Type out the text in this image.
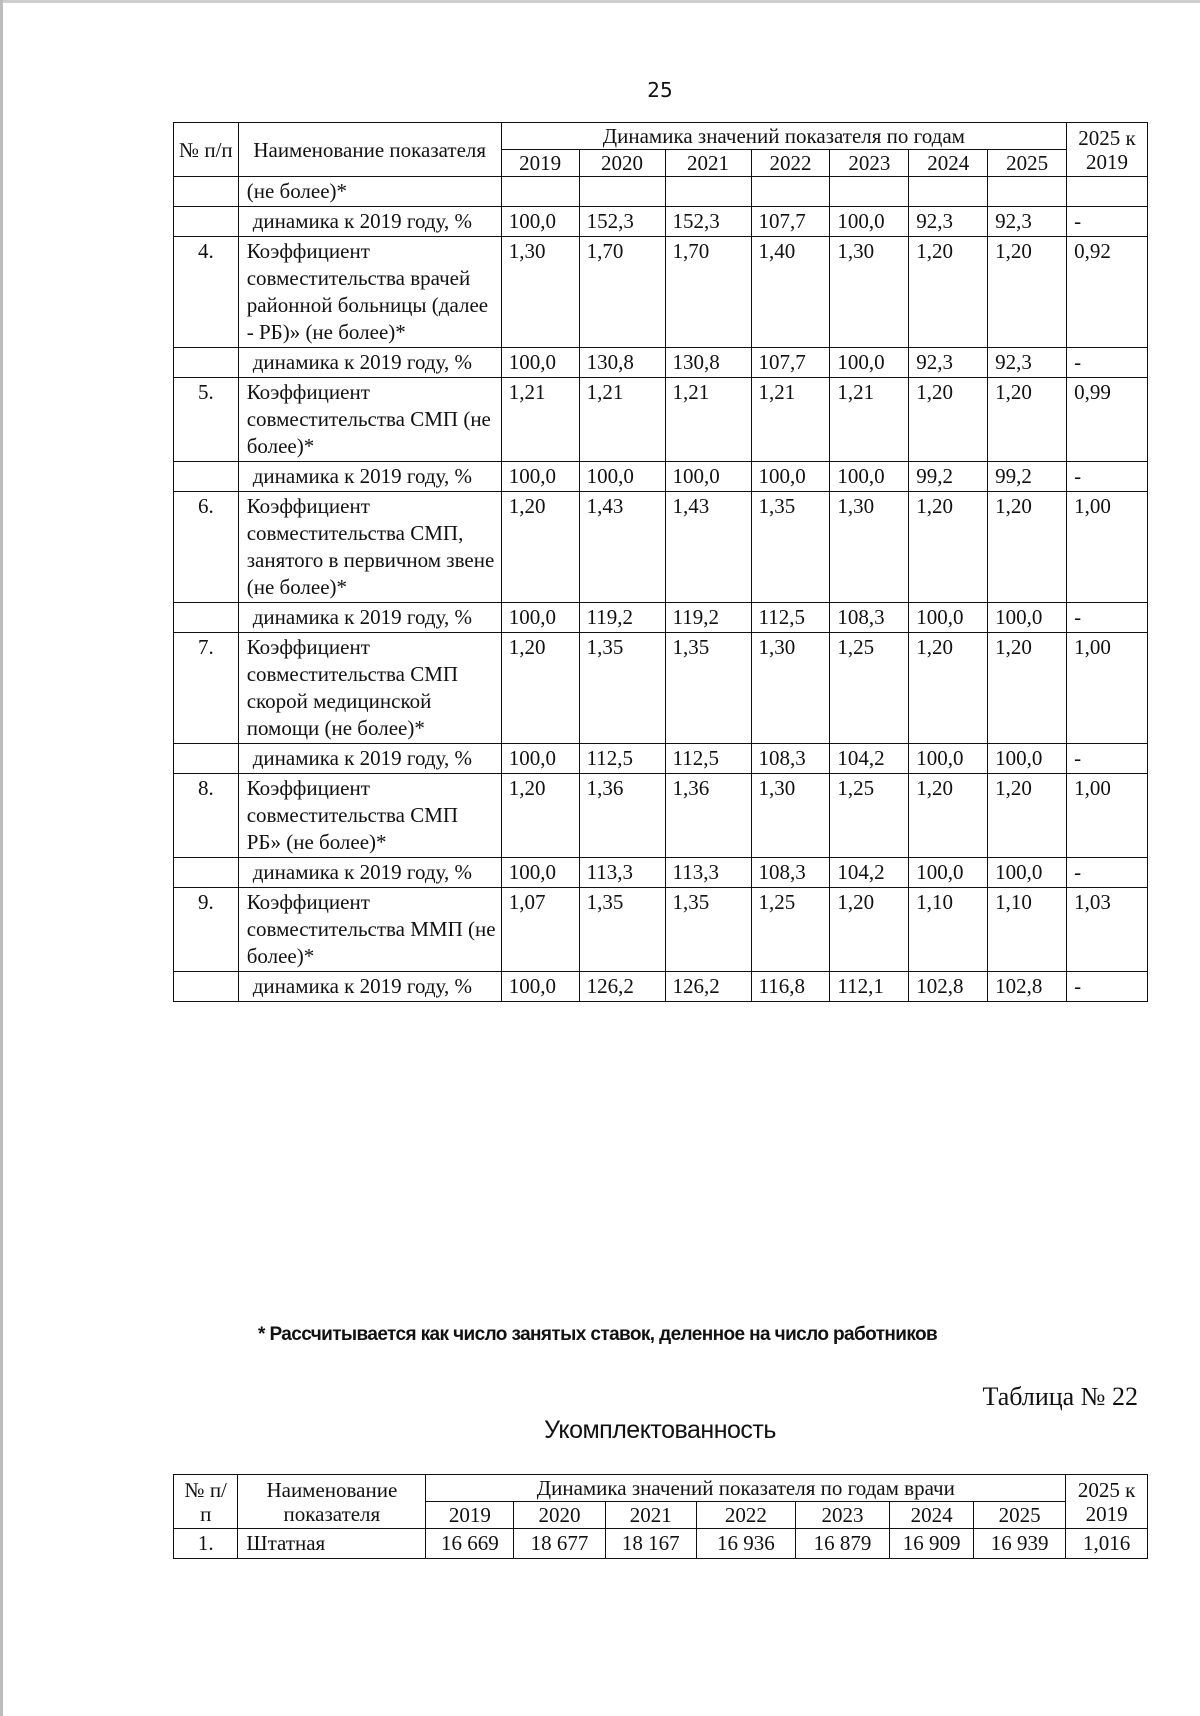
25
№ п/п	Наименование показателя	Динамика значений показателя по годам							2025 к 2019
		2019	2020	2021	2022	2023	2024	2025	
	(не более)*								
	динамика к 2019 году, %	100,0	152,3	152,3	107,7	100,0	92,3	92,3	-
4.	Коэффициент совместительства врачей районной больницы (далее - РБ)» (не более)*	1,30	1,70	1,70	1,40	1,30	1,20	1,20	0,92
	динамика к 2019 году, %	100,0	130,8	130,8	107,7	100,0	92,3	92,3	-
5.	Коэффициент совместительства СМП (не более)*	1,21	1,21	1,21	1,21	1,21	1,20	1,20	0,99
	динамика к 2019 году, %	100,0	100,0	100,0	100,0	100,0	99,2	99,2	-
6.	Коэффициент совместительства СМП, занятого в первичном звене (не более)*	1,20	1,43	1,43	1,35	1,30	1,20	1,20	1,00
	динамика к 2019 году, %	100,0	119,2	119,2	112,5	108,3	100,0	100,0	-
7.	Коэффициент совместительства СМП скорой медицинской помощи (не более)*	1,20	1,35	1,35	1,30	1,25	1,20	1,20	1,00
	динамика к 2019 году, %	100,0	112,5	112,5	108,3	104,2	100,0	100,0	-
8.	Коэффициент совместительства СМП РБ» (не более)*	1,20	1,36	1,36	1,30	1,25	1,20	1,20	1,00
	динамика к 2019 году, %	100,0	113,3	113,3	108,3	104,2	100,0	100,0	-
9.	Коэффициент совместительства ММП (не более)*	1,07	1,35	1,35	1,25	1,20	1,10	1,10	1,03
	динамика к 2019 году, %	100,0	126,2	126,2	116,8	112,1	102,8	102,8	-
* Рассчитывается как число занятых ставок, деленное на число работников
Таблица № 22
Укомплектованность
№ п/п	Наименование показателя	Динамика значений показателя по годам врачи							2025 к 2019
		2019	2020	2021	2022	2023	2024	2025	
1.	Штатная	16 669	18 677	18 167	16 936	16 879	16 909	16 939	1,016
